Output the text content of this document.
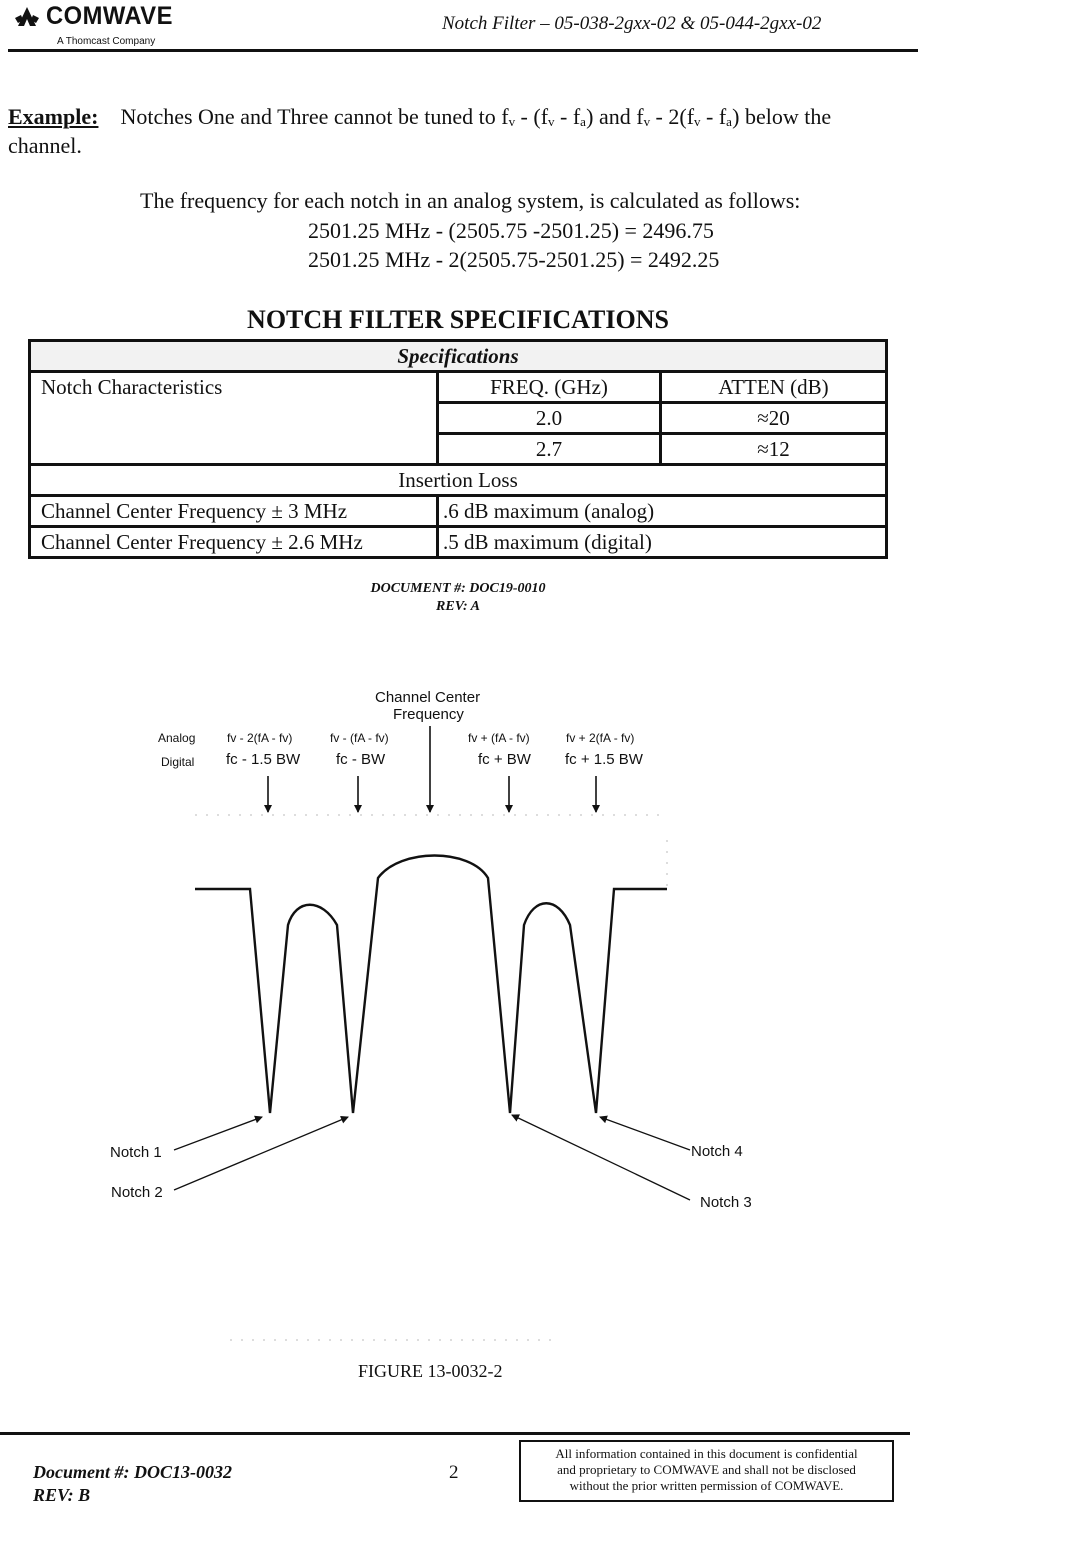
COMWAVE
A Thomcast Company
Notch Filter – 05-038-2gxx-02 & 05-044-2gxx-02
Example: Notches One and Three cannot be tuned to fᵥ - (fᵥ - fₐ) and fᵥ - 2(fᵥ - fₐ) below the channel.
The frequency for each notch in an analog system, is calculated as follows:
2501.25 MHz - (2505.75 -2501.25) = 2496.75
2501.25 MHz - 2(2505.75-2501.25) = 2492.25
NOTCH FILTER SPECIFICATIONS
Specifications		
Notch Characteristics	FREQ. (GHz)	ATTEN (dB)
	2.0	≈20
	2.7	≈12
Insertion Loss		
Channel Center Frequency ± 3 MHz	.6 dB maximum (analog)	
Channel Center Frequency ± 2.6 MHz	.5 dB maximum (digital)	
DOCUMENT #: DOC19-0010
REV: A
Channel Center
Frequency
Analog
Digital
fv - 2(fA - fv)	fv - (fA - fv)	fv + (fA - fv)	fv + 2(fA - fv)
fc - 1.5 BW fc - BW	fc + BW fc + 1.5 BW
Notch 1
Notch 2
Notch 3
Notch 4
FIGURE 13-0032-2
Document #: DOC13-0032
REV: B
2
All information contained in this document is confidential
and proprietary to COMWAVE and shall not be disclosed
without the prior written permission of COMWAVE.
